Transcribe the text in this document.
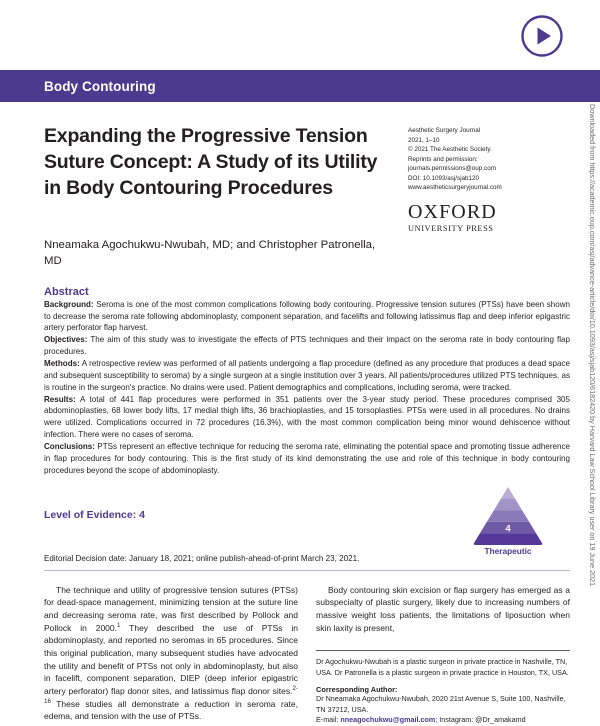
Body Contouring
Expanding the Progressive Tension Suture Concept: A Study of its Utility in Body Contouring Procedures
Nneamaka Agochukwu-Nwubah, MD; and Christopher Patronella, MD
Aesthetic Surgery Journal
2021, 1–10
© 2021 The Aesthetic Society.
Reprints and permission:
journals.permissions@oup.com
DOI: 10.1093/asj/sjab120
www.aestheticsurgeryjournal.com
OXFORD
UNIVERSITY PRESS
Abstract

Background: Seroma is one of the most common complications following body contouring. Progressive tension sutures (PTSs) have been shown to decrease the seroma rate following abdominoplasty, component separation, and facelifts and following latissimus flap and deep inferior epigastric artery perforator flap harvest.

Objectives: The aim of this study was to investigate the effects of PTS techniques and their impact on the seroma rate in body contouring flap procedures.

Methods: A retrospective review was performed of all patients undergoing a flap procedure (defined as any procedure that produces a dead space and subsequent susceptibility to seroma) by a single surgeon at a single institution over 3 years. All patients/procedures utilized PTS techniques, as is routine in the surgeon's practice. No drains were used. Patient demographics and complications, including seroma, were tracked.

Results: A total of 441 flap procedures were performed in 351 patients over the 3-year study period. These procedures comprised 305 abdominoplasties, 68 lower body lifts, 17 medial thigh lifts, 36 brachioplasties, and 15 torsoplasties. PTSs were used in all procedures. No drains were utilized. Complications occurred in 72 procedures (16.3%), with the most common complication being minor wound dehiscence without infection. There were no cases of seroma.

Conclusions: PTSs represent an effective technique for reducing the seroma rate, eliminating the potential space and promoting tissue adherence in flap procedures for body contouring. This is the first study of its kind demonstrating the use and role of this technique in body contouring procedures beyond the scope of abdominoplasty.

Level of Evidence: 4
4
Therapeutic
Editorial Decision date: January 18, 2021; online publish-ahead-of-print March 23, 2021.

The technique and utility of progressive tension sutures (PTSs) for dead-space management, minimizing tension at the suture line and decreasing seroma rate, was first described by Pollock and Pollock in 2000.$^1$ They described the use of PTSs in abdominoplasty, and reported no seromas in 65 procedures. Since this original publication, many subsequent studies have advocated the utility and benefit of PTSs not only in abdominoplasty, but also in facelift, component separation, DIEP (deep inferior epigastric artery perforator) flap donor sites, and latissimus flap donor sites.$^{2-16}$ These studies all demonstrate a reduction in seroma rate, edema, and tension with the use of PTSs.

Body contouring skin excision or flap surgery has emerged as a subspecialty of plastic surgery, likely due to increasing numbers of massive weight loss patients, the limitations of liposuction when skin laxity is present,

Dr Agochukwu-Nwubah is a plastic surgeon in private practice in Nashville, TN, USA. Dr Patronella is a plastic surgeon in private practice in Houston, TX, USA.

Corresponding Author:

Dr Nneamaka Agochukwu-Nwubah, 2020 21st Avenue S, Suite 100, Nashville, TN 37212, USA.

E-mail: nneagochukwu@gmail.com; Instagram: @Dr_amakamd

Downloaded from https://academic.oup.com/asj/advance-article/doi/10.1093/asj/sjab120/6182420 by Harvard Law School Library user on 19 June 2021
